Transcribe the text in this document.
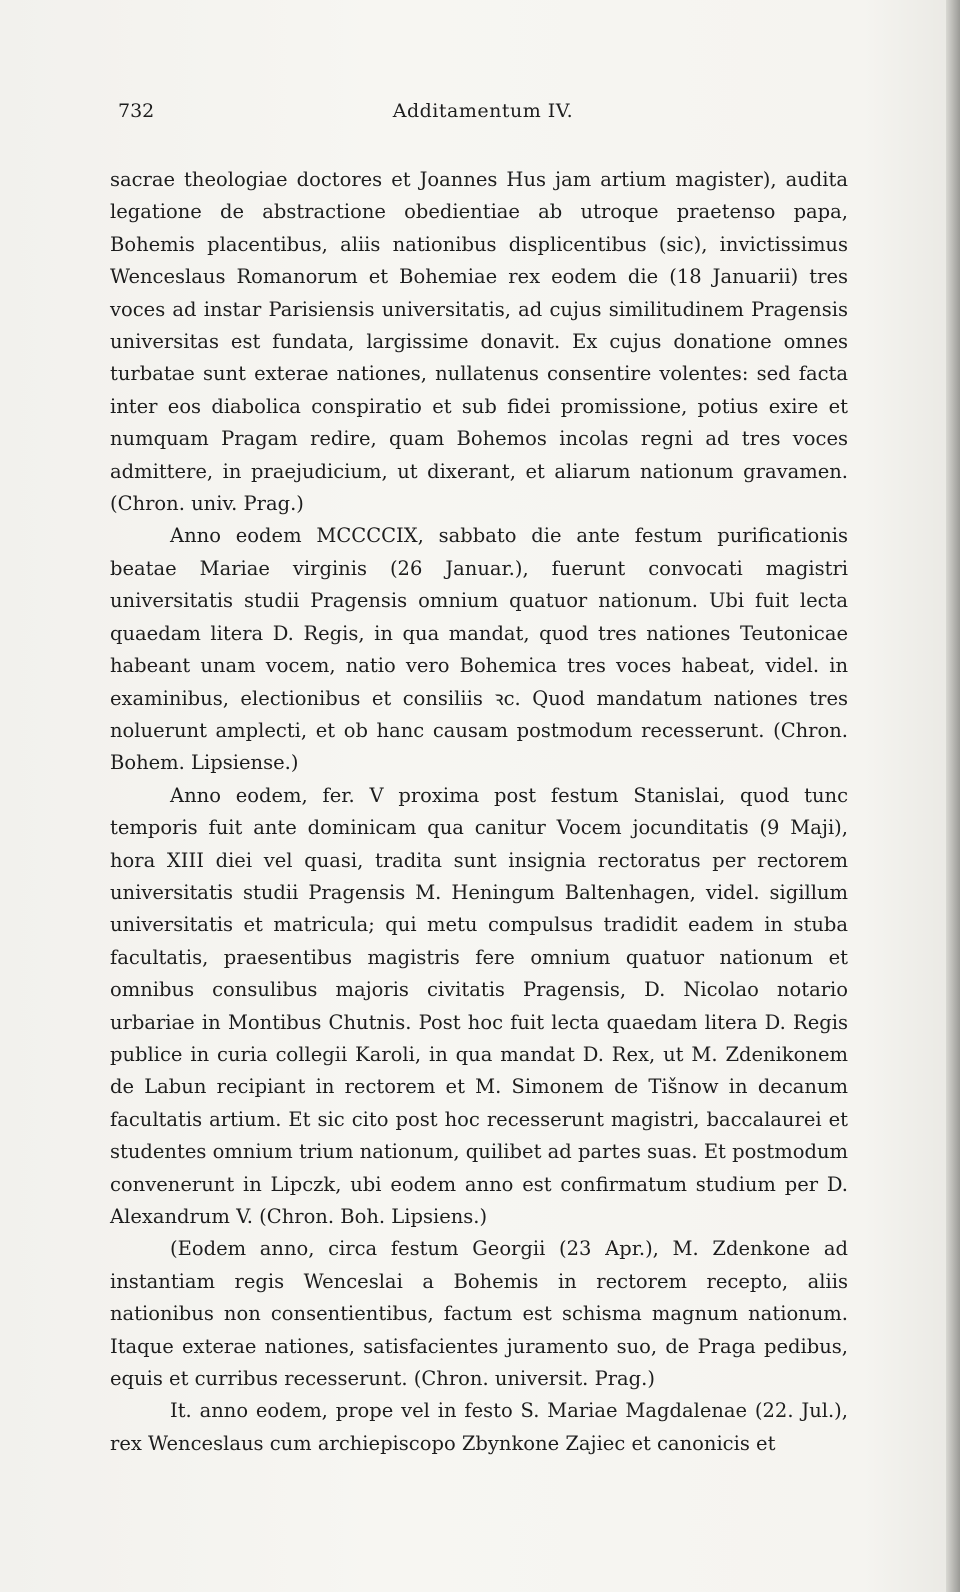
732	Additamentum IV.

sacrae theologiae doctores et Joannes Hus jam artium magister), audita legatione de abstractione obedientiae ab utroque praetenso papa, Bohemis placentibus, aliis nationibus displicentibus (sic), invictissimus Wenceslaus Romanorum et Bohemiae rex eodem die (18 Januarii) tres voces ad instar Parisiensis universitatis, ad cujus similitudinem Pragensis universitas est fundata, largissime donavit. Ex cujus donatione omnes turbatae sunt exterae nationes, nullatenus consentire volentes: sed facta inter eos diabolica conspiratio et sub fidei promissione, potius exire et numquam Pragam redire, quam Bohemos incolas regni ad tres voces admittere, in praejudicium, ut dixerant, et aliarum nationum gravamen. (Chron. univ. Prag.)

Anno eodem MCCCCIX, sabbato die ante festum purificationis beatae Mariae virginis (26 Januar.), fuerunt convocati magistri universitatis studii Pragensis omnium quatuor nationum. Ubi fuit lecta quaedam litera D. Regis, in qua mandat, quod tres nationes Teutonicae habeant unam vocem, natio vero Bohemica tres voces habeat, videl. in examinibus, electionibus et consiliis ꝛc. Quod mandatum nationes tres noluerunt amplecti, et ob hanc causam postmodum recesserunt. (Chron. Bohem. Lipsiense.)

Anno eodem, fer. V proxima post festum Stanislai, quod tunc temporis fuit ante dominicam qua canitur Vocem jocunditatis (9 Maji), hora XIII diei vel quasi, tradita sunt insignia rectoratus per rectorem universitatis studii Pragensis M. Heningum Baltenhagen, videl. sigillum universitatis et matricula; qui metu compulsus tradidit eadem in stuba facultatis, praesentibus magistris fere omnium quatuor nationum et omnibus consulibus majoris civitatis Pragensis, D. Nicolao notario urbariae in Montibus Chutnis. Post hoc fuit lecta quaedam litera D. Regis publice in curia collegii Karoli, in qua mandat D. Rex, ut M. Zdenikonem de Labun recipiant in rectorem et M. Simonem de Tišnow in decanum facultatis artium. Et sic cito post hoc recesserunt magistri, baccalaurei et studentes omnium trium nationum, quilibet ad partes suas. Et postmodum convenerunt in Lipczk, ubi eodem anno est confirmatum studium per D. Alexandrum V. (Chron. Boh. Lipsiens.)

(Eodem anno, circa festum Georgii (23 Apr.), M. Zdenkone ad instantiam regis Wenceslai a Bohemis in rectorem recepto, aliis nationibus non consentientibus, factum est schisma magnum nationum. Itaque exterae nationes, satisfacientes juramento suo, de Praga pedibus, equis et curribus recesserunt. (Chron. universit. Prag.)

It. anno eodem, prope vel in festo S. Mariae Magdalenae (22. Jul.), rex Wenceslaus cum archiepiscopo Zbynkone Zajiec et canonicis et
